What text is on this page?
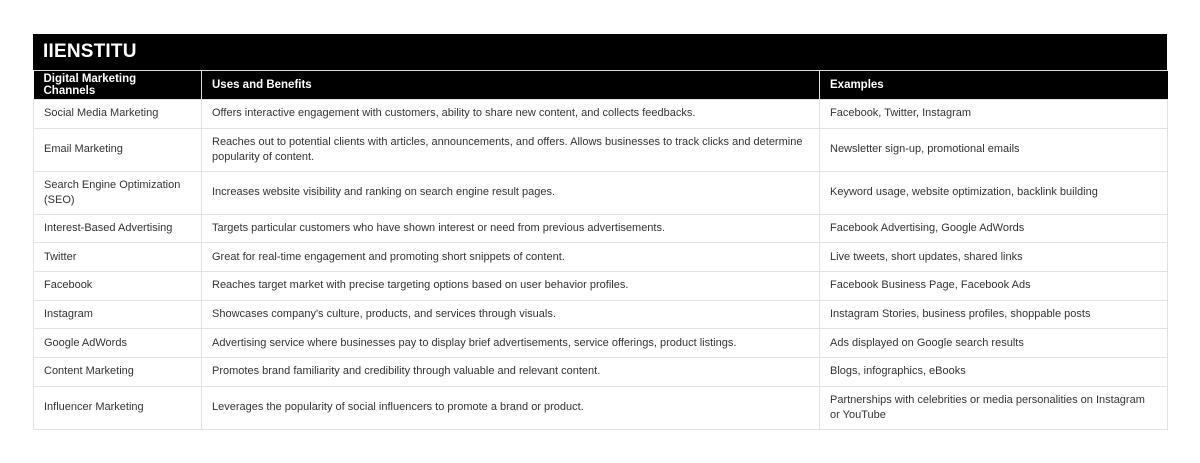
IIENSTITU
Digital Marketing Channels	Uses and Benefits	Examples
Social Media Marketing	Offers interactive engagement with customers, ability to share new content, and collects feedbacks.	Facebook, Twitter, Instagram
Email Marketing	Reaches out to potential clients with articles, announcements, and offers. Allows businesses to track clicks and determine popularity of content.	Newsletter sign-up, promotional emails
Search Engine Optimization (SEO)	Increases website visibility and ranking on search engine result pages.	Keyword usage, website optimization, backlink building
Interest-Based Advertising	Targets particular customers who have shown interest or need from previous advertisements.	Facebook Advertising, Google AdWords
Twitter	Great for real-time engagement and promoting short snippets of content.	Live tweets, short updates, shared links
Facebook	Reaches target market with precise targeting options based on user behavior profiles.	Facebook Business Page, Facebook Ads
Instagram	Showcases company's culture, products, and services through visuals.	Instagram Stories, business profiles, shoppable posts
Google AdWords	Advertising service where businesses pay to display brief advertisements, service offerings, product listings.	Ads displayed on Google search results
Content Marketing	Promotes brand familiarity and credibility through valuable and relevant content.	Blogs, infographics, eBooks
Influencer Marketing	Leverages the popularity of social influencers to promote a brand or product.	Partnerships with celebrities or media personalities on Instagram or YouTube
